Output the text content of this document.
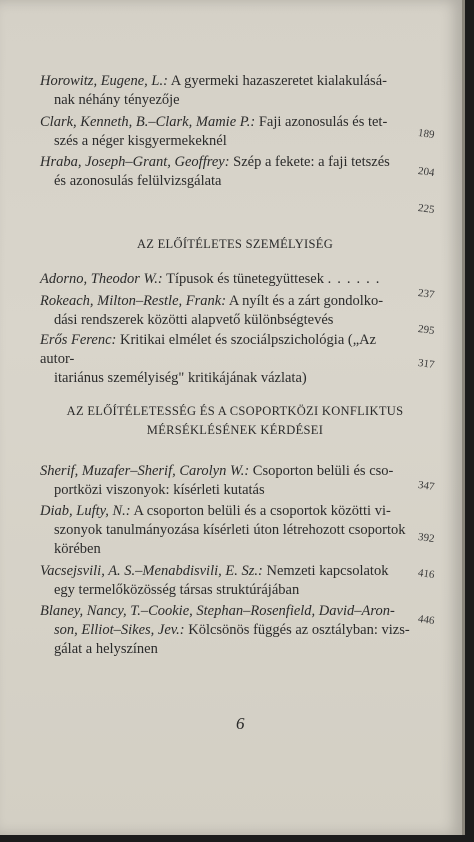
Horowitz, Eugene, L.: A gyermeki hazaszeretet kialakulásá-
nak néhány tényezője
189
Clark, Kenneth, B.–Clark, Mamie P.: Faji azonosulás és tet-
szés a néger kisgyermekeknél
204
Hraba, Joseph–Grant, Geoffrey: Szép a fekete: a faji tetszés
és azonosulás felülvizsgálata
225
AZ ELŐÍTÉLETES SZEMÉLYISÉG
Adorno, Theodor W.: Típusok és tünetegyüttesek ......
237
Rokeach, Milton–Restle, Frank: A nyílt és a zárt gondolko-
dási rendszerek közötti alapvető különbségtevés
295
Erős Ferenc: Kritikai elmélet és szociálpszichológia („Az autor-
itariánus személyiség" kritikájának vázlata)
317
AZ ELŐÍTÉLETESSÉG ÉS A CSOPORTKÖZI KONFLIKTUS
MÉRSÉKLÉSÉNEK KÉRDÉSEI
Sherif, Muzafer–Sherif, Carolyn W.: Csoporton belüli és cso-
portközi viszonyok: kísérleti kutatás	347
Diab, Lufty, N.: A csoporton belüli és a csoportok közötti vi-
szonyok tanulmányozása kísérleti úton létrehozott csoportok
körében
392
Vacsejsvili, A. S.–Menabdisvili, E. Sz.: Nemzeti kapcsolatok
egy termelőközösség társas struktúrájában
416
Blaney, Nancy, T.–Cookie, Stephan–Rosenfield, David–Aron-
son, Elliot–Sikes, Jev.: Kölcsönös függés az osztályban: vizs-
gálat a helyszínen
446
6
